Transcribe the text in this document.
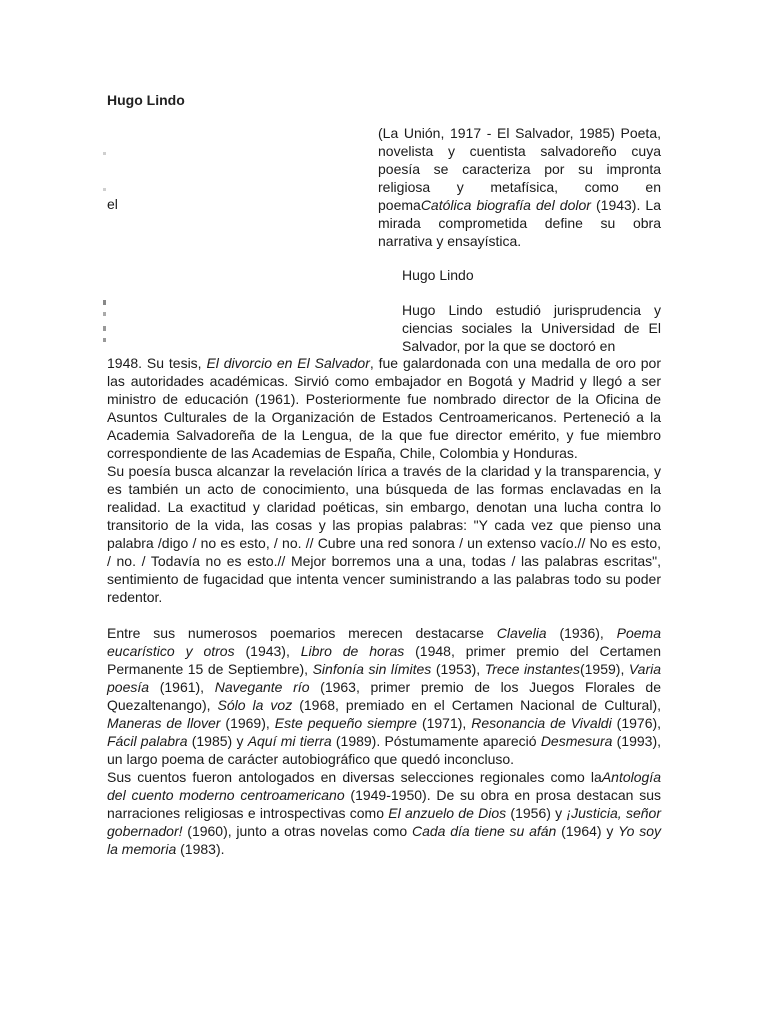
Hugo Lindo
el
(La Unión, 1917 - El Salvador, 1985) Poeta, novelista y cuentista salvadoreño cuya poesía se caracteriza por su impronta religiosa y metafísica, como en poemaCatólica biografía del dolor (1943). La mirada comprometida define su obra narrativa y ensayística.
Hugo Lindo
Hugo Lindo estudió jurisprudencia y ciencias sociales la Universidad de El Salvador, por la que se doctoró en

1948. Su tesis, El divorcio en El Salvador, fue galardonada con una medalla de oro por las autoridades académicas. Sirvió como embajador en Bogotá y Madrid y llegó a ser ministro de educación (1961). Posteriormente fue nombrado director de la Oficina de Asuntos Culturales de la Organización de Estados Centroamericanos. Perteneció a la Academia Salvadoreña de la Lengua, de la que fue director emérito, y fue miembro correspondiente de las Academias de España, Chile, Colombia y Honduras.

Su poesía busca alcanzar la revelación lírica a través de la claridad y la transparencia, y es también un acto de conocimiento, una búsqueda de las formas enclavadas en la realidad. La exactitud y claridad poéticas, sin embargo, denotan una lucha contra lo transitorio de la vida, las cosas y las propias palabras: "Y cada vez que pienso una palabra /digo / no es esto, / no. // Cubre una red sonora / un extenso vacío.// No es esto, / no. / Todavía no es esto.// Mejor borremos una a una, todas / las palabras escritas", sentimiento de fugacidad que intenta vencer suministrando a las palabras todo su poder redentor.

Entre sus numerosos poemarios merecen destacarse Clavelia (1936), Poema eucarístico y otros (1943), Libro de horas (1948, primer premio del Certamen Permanente 15 de Septiembre), Sinfonía sin límites (1953), Trece instantes(1959), Varia poesía (1961), Navegante río (1963, primer premio de los Juegos Florales de Quezaltenango), Sólo la voz (1968, premiado en el Certamen Nacional de Cultural), Maneras de llover (1969), Este pequeño siempre (1971), Resonancia de Vivaldi (1976), Fácil palabra (1985) y Aquí mi tierra (1989). Póstumamente apareció Desmesura (1993), un largo poema de carácter autobiográfico que quedó inconcluso.

Sus cuentos fueron antologados en diversas selecciones regionales como laAntología del cuento moderno centroamericano (1949-1950). De su obra en prosa destacan sus narraciones religiosas e introspectivas como El anzuelo de Dios (1956) y ¡Justicia, señor gobernador! (1960), junto a otras novelas como Cada día tiene su afán (1964) y Yo soy la memoria (1983).
